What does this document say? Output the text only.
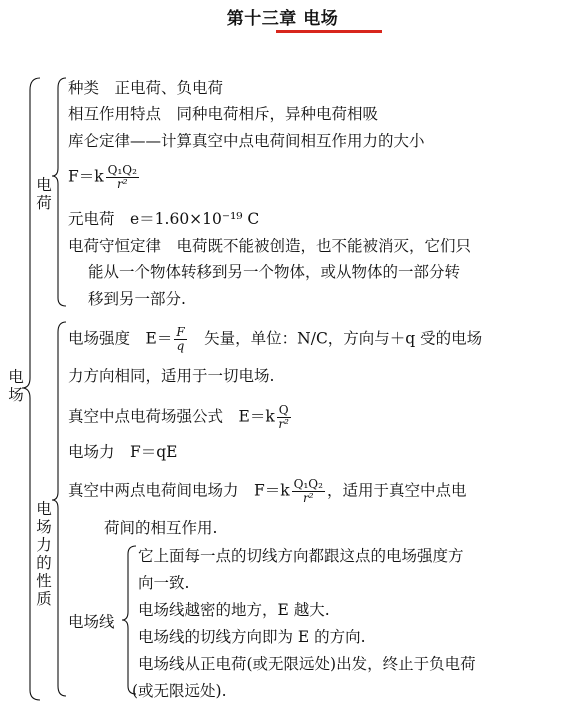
第十三章 电场
电场
电荷
电场力的性质
种类　正电荷、负电荷
相互作用特点　同种电荷相斥，异种电荷相吸
库仑定律——计算真空中点电荷间相互作用力的大小
$F=k \frac{\text{Q₁Q₂}}{\text{r²}}$
元电荷　e＝1.60×10⁻¹⁹ C
电荷守恒定律　电荷既不能被创造，也不能被消灭，它们只
能从一个物体转移到另一个物体，或从物体的一部分转
移到另一部分.
电场强度　$E= \frac{F}{q}$ 　矢量，单位：N/C，方向与＋q 受的电场
力方向相同，适用于一切电场.
真空中点电荷场强公式　$E=k \frac{Q}{\text{r²}}$
电场力　F＝qE
真空中两点电荷间电场力　$F=k \frac{\text{Q₁Q₂}}{\text{r²}}$ ，适用于真空中点电
荷间的相互作用.
电场线
它上面每一点的切线方向都跟这点的电场强度方
向一致.
电场线越密的地方，E 越大.
电场线的切线方向即为 E 的方向.
电场线从正电荷(或无限远处)出发，终止于负电荷
(或无限远处).
